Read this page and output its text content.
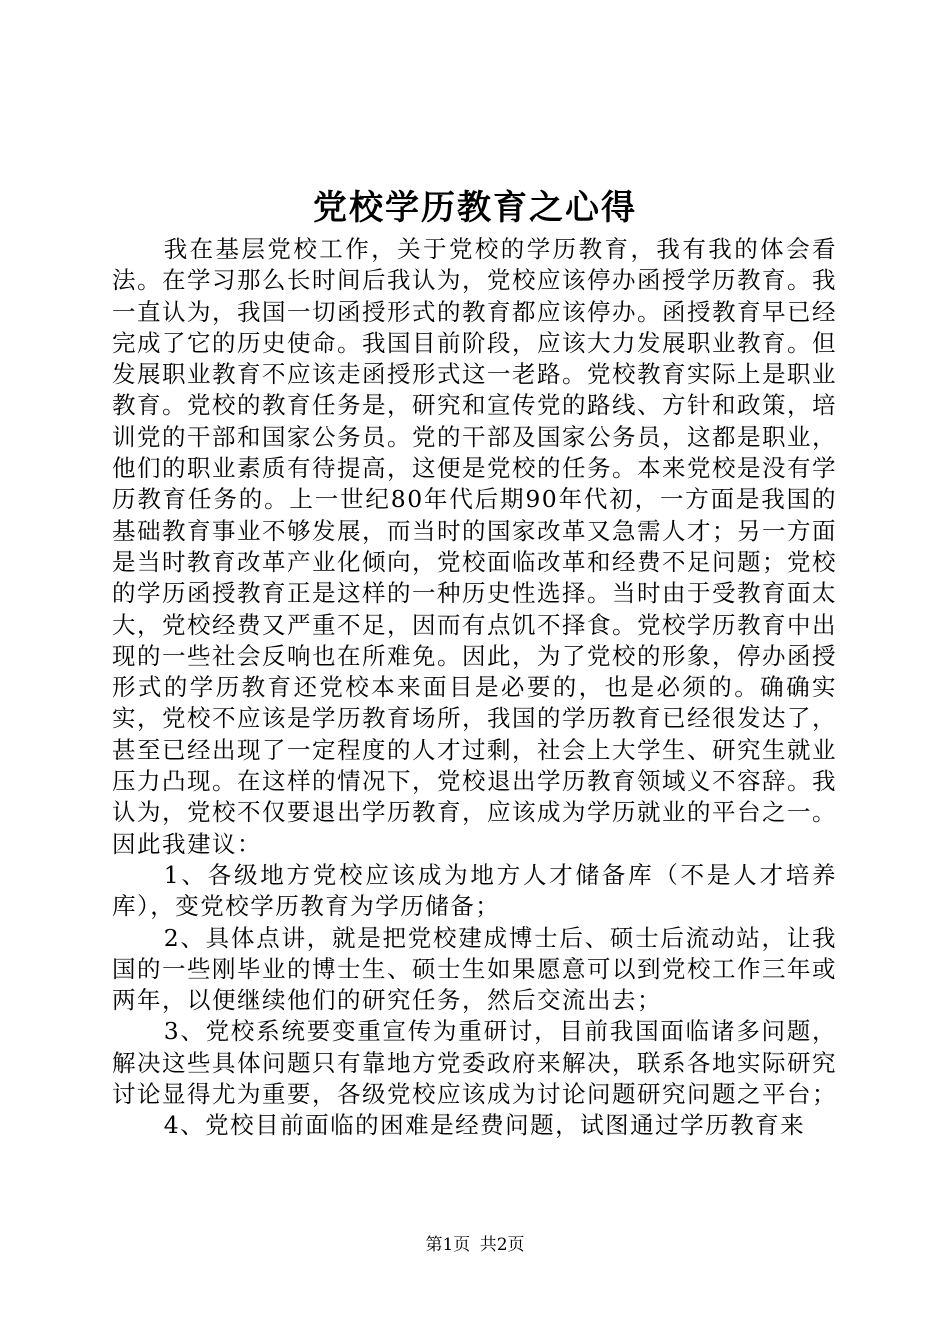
党校学历教育之心得

我在基层党校工作，关于党校的学历教育，我有我的体会看法。在学习那么长时间后我认为，党校应该停办函授学历教育。我一直认为，我国一切函授形式的教育都应该停办。函授教育早已经完成了它的历史使命。我国目前阶段，应该大力发展职业教育。但发展职业教育不应该走函授形式这一老路。党校教育实际上是职业教育。党校的教育任务是，研究和宣传党的路线、方针和政策，培训党的干部和国家公务员。党的干部及国家公务员，这都是职业，他们的职业素质有待提高，这便是党校的任务。本来党校是没有学历教育任务的。上一世纪80年代后期90年代初，一方面是我国的基础教育事业不够发展，而当时的国家改革又急需人才；另一方面是当时教育改革产业化倾向，党校面临改革和经费不足问题；党校的学历函授教育正是这样的一种历史性选择。当时由于受教育面太大，党校经费又严重不足，因而有点饥不择食。党校学历教育中出现的一些社会反响也在所难免。因此，为了党校的形象，停办函授形式的学历教育还党校本来面目是必要的，也是必须的。确确实实，党校不应该是学历教育场所，我国的学历教育已经很发达了，甚至已经出现了一定程度的人才过剩，社会上大学生、研究生就业压力凸现。在这样的情况下，党校退出学历教育领域义不容辞。我认为，党校不仅要退出学历教育，应该成为学历就业的平台之一。因此我建议：

1、各级地方党校应该成为地方人才储备库（不是人才培养库），变党校学历教育为学历储备；

2、具体点讲，就是把党校建成博士后、硕士后流动站，让我国的一些刚毕业的博士生、硕士生如果愿意可以到党校工作三年或两年，以便继续他们的研究任务，然后交流出去；

3、党校系统要变重宣传为重研讨，目前我国面临诸多问题，解决这些具体问题只有靠地方党委政府来解决，联系各地实际研究讨论显得尤为重要，各级党校应该成为讨论问题研究问题之平台；

4、党校目前面临的困难是经费问题，试图通过学历教育来

第1页 共2页
